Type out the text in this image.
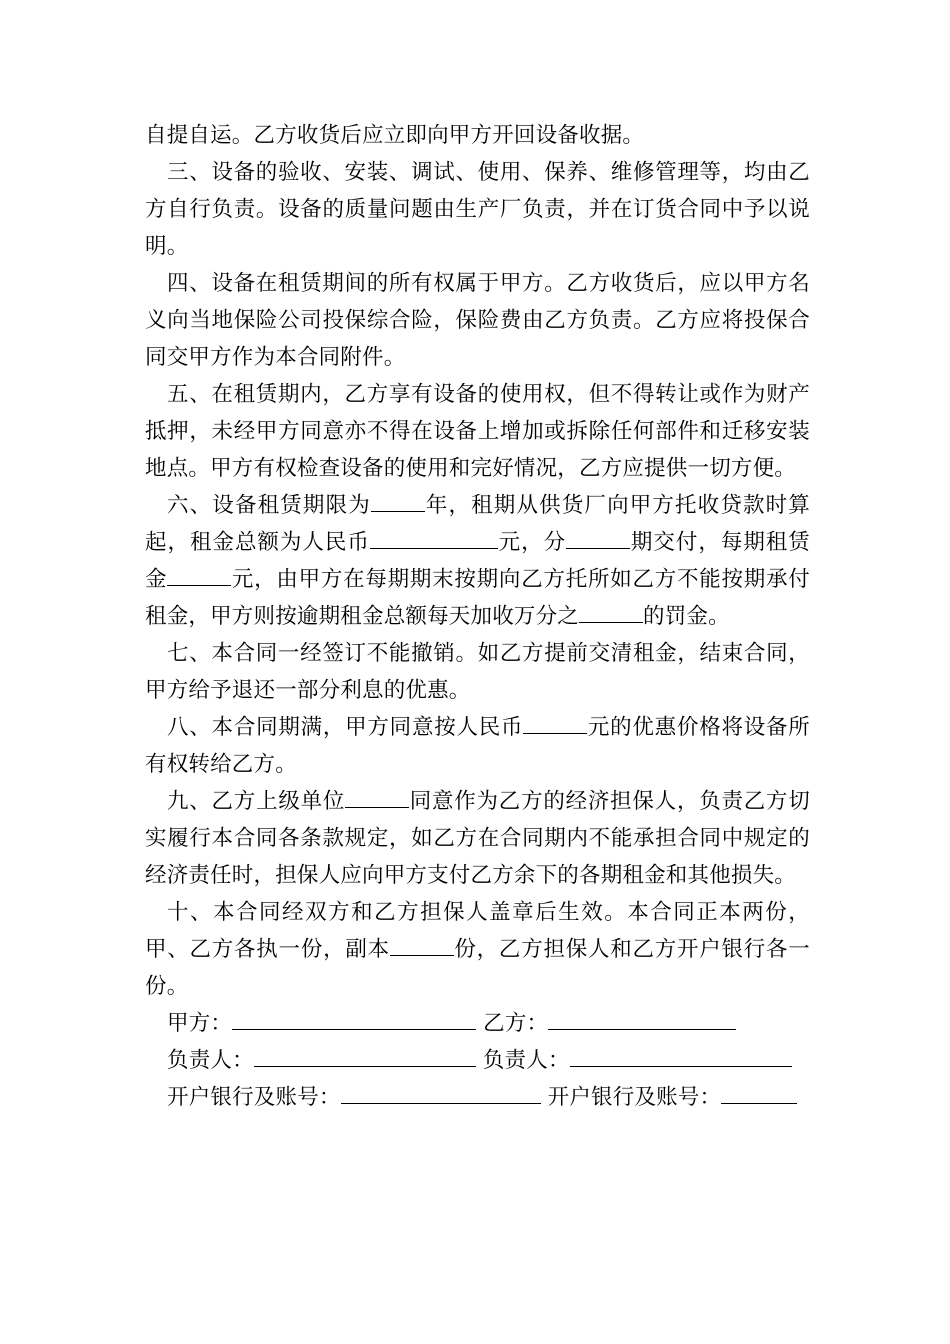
自提自运。乙方收货后应立即向甲方开回设备收据。

三、设备的验收、安装、调试、使用、保养、维修管理等，均由乙方自行负责。设备的质量问题由生产厂负责，并在订货合同中予以说明。

四、设备在租赁期间的所有权属于甲方。乙方收货后，应以甲方名义向当地保险公司投保综合险，保险费由乙方负责。乙方应将投保合同交甲方作为本合同附件。

五、在租赁期内，乙方享有设备的使用权，但不得转让或作为财产抵押，未经甲方同意亦不得在设备上增加或拆除任何部件和迁移安装地点。甲方有权检查设备的使用和完好情况，乙方应提供一切方便。

六、设备租赁期限为	年，租期从供货厂向甲方托收贷款时算起，租金总额为人民币	元，分	期交付，每期租赁金	元，由甲方在每期期末按期向乙方托所如乙方不能按期承付租金，甲方则按逾期租金总额每天加收万分之	的罚金。

七、本合同一经签订不能撤销。如乙方提前交清租金，结束合同，甲方给予退还一部分利息的优惠。

八、本合同期满，甲方同意按人民币	元的优惠价格将设备所有权转给乙方。

九、乙方上级单位	同意作为乙方的经济担保人，负责乙方切实履行本合同各条款规定，如乙方在合同期内不能承担合同中规定的经济责任时，担保人应向甲方支付乙方余下的各期租金和其他损失。

十、本合同经双方和乙方担保人盖章后生效。本合同正本两份，甲、乙方各执一份，副本	份，乙方担保人和乙方开户银行各一份。

甲方：	乙方：
负责人：	负责人：
开户银行及账号：	开户银行及账号：
